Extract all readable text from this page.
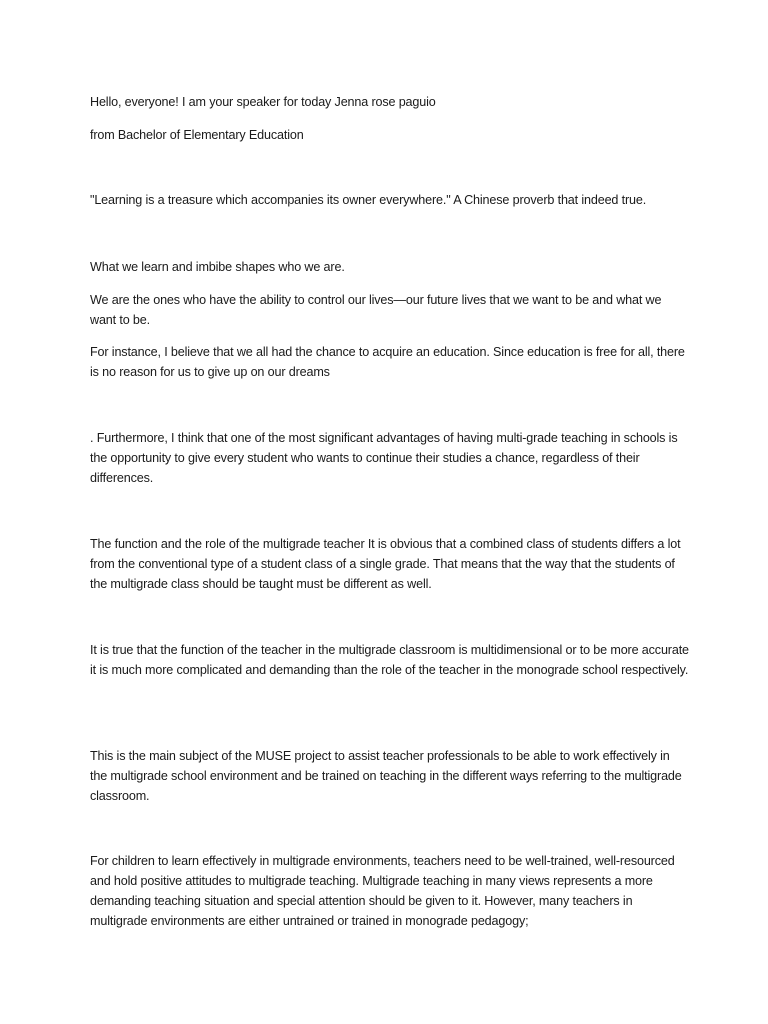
Hello, everyone! I am your speaker for today Jenna rose paguio

from Bachelor of Elementary Education

"Learning is a treasure which accompanies its owner everywhere." A Chinese proverb that indeed true.

What we learn and imbibe shapes who we are.

We are the ones who have the ability to control our lives—our future lives that we want to be and what we want to be.

For instance, I believe that we all had the chance to acquire an education. Since education is free for all, there is no reason for us to give up on our dreams

. Furthermore, I think that one of the most significant advantages of having multi-grade teaching in schools is the opportunity to give every student who wants to continue their studies a chance, regardless of their differences.

The function and the role of the multigrade teacher It is obvious that a combined class of students differs a lot from the conventional type of a student class of a single grade. That means that the way that the students of the multigrade class should be taught must be different as well.

It is true that the function of the teacher in the multigrade classroom is multidimensional or to be more accurate it is much more complicated and demanding than the role of the teacher in the monograde school respectively.

This is the main subject of the MUSE project to assist teacher professionals to be able to work effectively in the multigrade school environment and be trained on teaching in the different ways referring to the multigrade classroom.

For children to learn effectively in multigrade environments, teachers need to be well-trained, well-resourced and hold positive attitudes to multigrade teaching. Multigrade teaching in many views represents a more demanding teaching situation and special attention should be given to it. However, many teachers in multigrade environments are either untrained or trained in monograde pedagogy;
